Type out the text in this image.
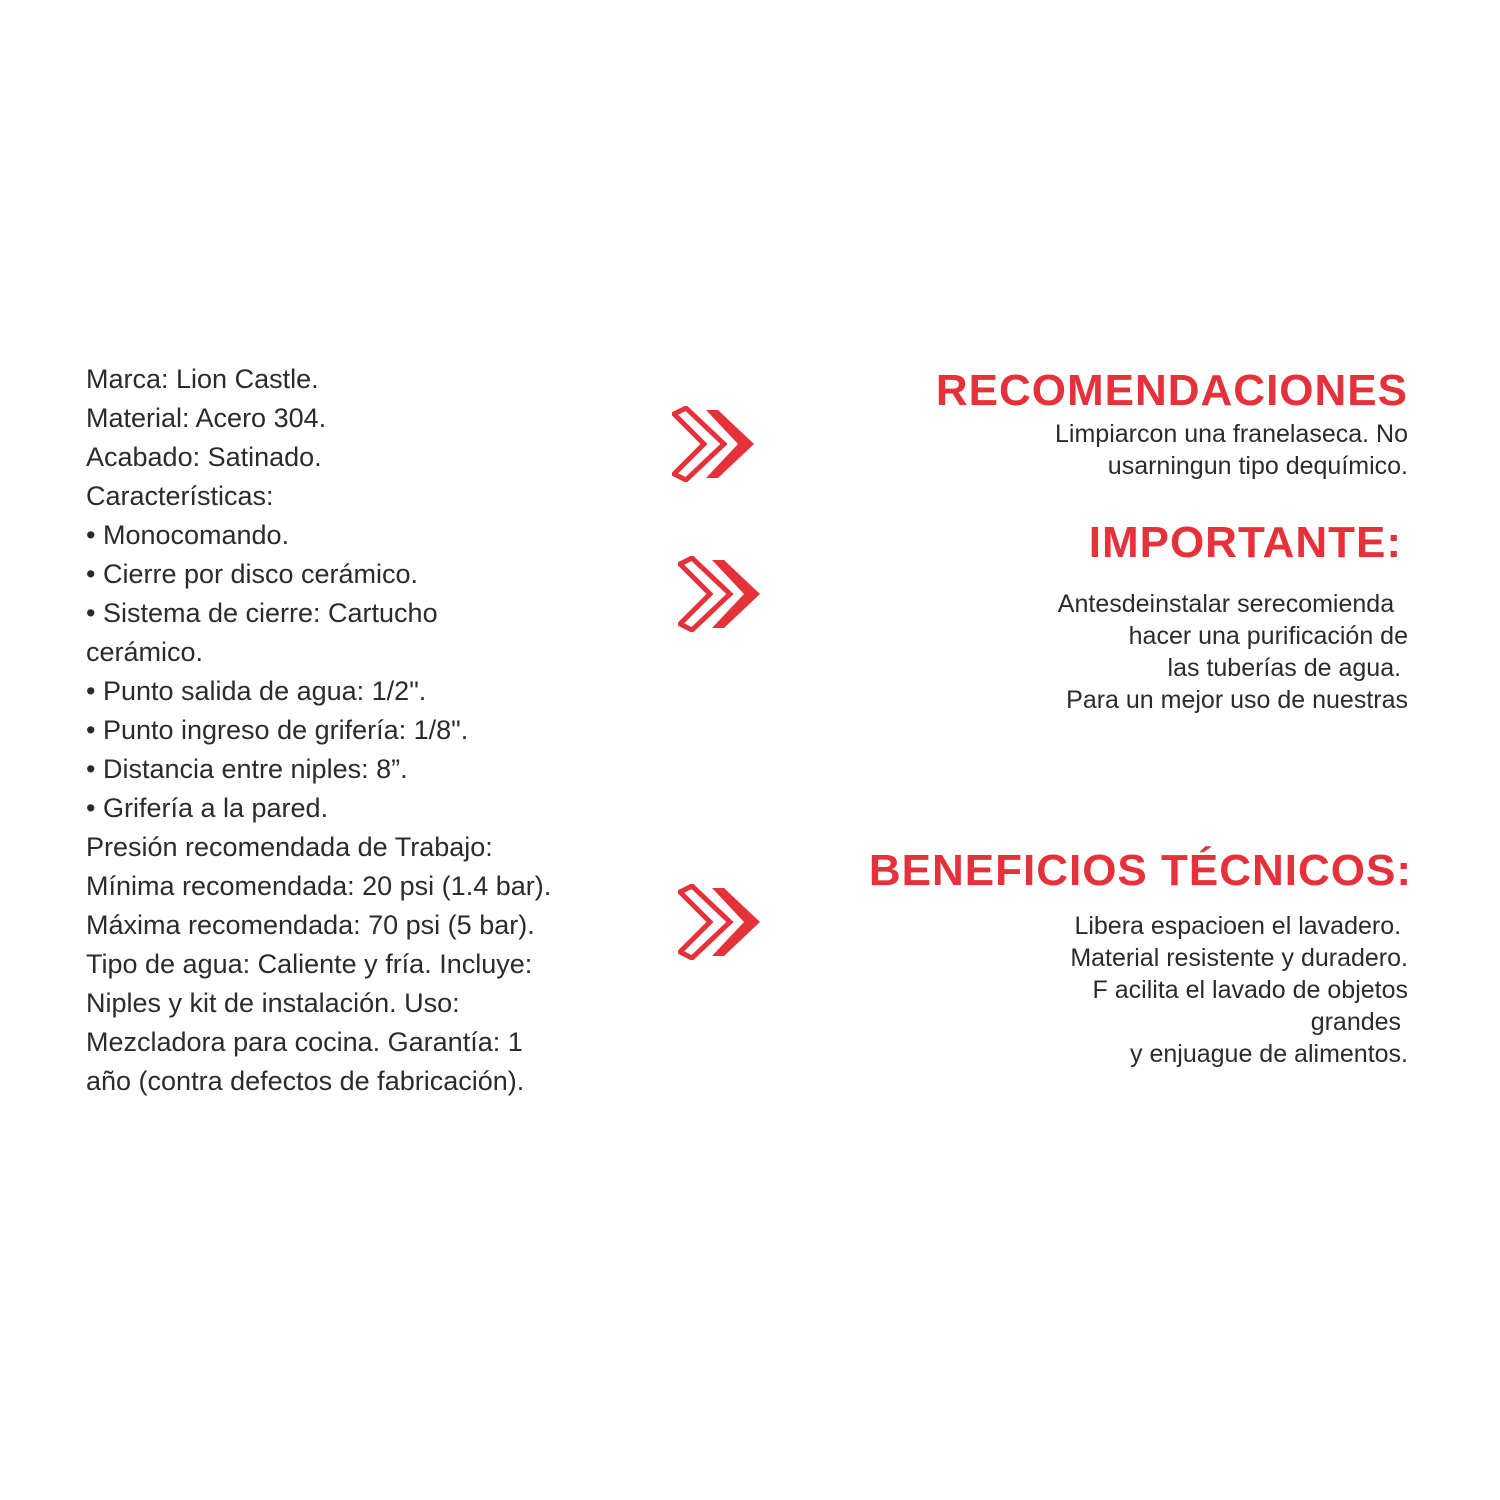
Marca: Lion Castle.
Material: Acero 304.
Acabado: Satinado.
Características:
• Monocomando.
• Cierre por disco cerámico.
• Sistema de cierre: Cartucho
cerámico.
• Punto salida de agua: 1/2".
• Punto ingreso de grifería: 1/8".
• Distancia entre niples: 8”.
• Grifería a la pared.
Presión recomendada de Trabajo:
Mínima recomendada: 20 psi (1.4 bar).
Máxima recomendada: 70 psi (5 bar).
Tipo de agua: Caliente y fría. Incluye:
Niples y kit de instalación. Uso:
Mezcladora para cocina. Garantía: 1
año (contra defectos de fabricación).
RECOMENDACIONES
Limpiarcon una franelaseca. No
usarningun tipo dequímico.
IMPORTANTE:
Antesdeinstalar serecomienda
hacer una purificación de
las tuberías de agua.
Para un mejor uso de nuestras
BENEFICIOS TÉCNICOS:
Libera espacioen el lavadero.
Material resistente y duradero.
F acilita el lavado de objetos
grandes
y enjuague de alimentos.
